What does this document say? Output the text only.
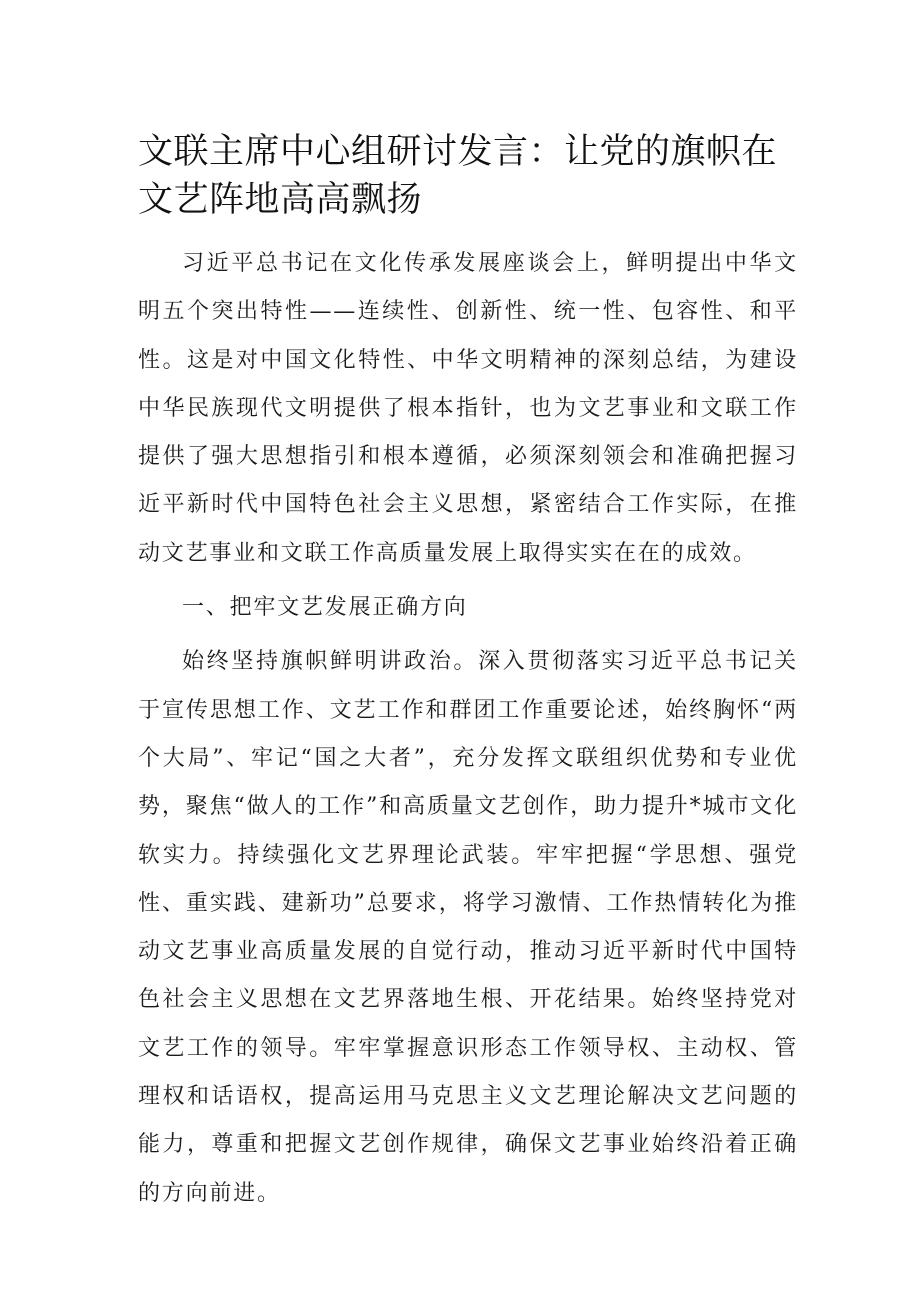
文联主席中心组研讨发言：让党的旗帜在文艺阵地高高飘扬

习近平总书记在文化传承发展座谈会上，鲜明提出中华文明五个突出特性——连续性、创新性、统一性、包容性、和平性。这是对中国文化特性、中华文明精神的深刻总结，为建设中华民族现代文明提供了根本指针，也为文艺事业和文联工作提供了强大思想指引和根本遵循，必须深刻领会和准确把握习近平新时代中国特色社会主义思想，紧密结合工作实际，在推动文艺事业和文联工作高质量发展上取得实实在在的成效。

一、把牢文艺发展正确方向

始终坚持旗帜鲜明讲政治。深入贯彻落实习近平总书记关于宣传思想工作、文艺工作和群团工作重要论述，始终胸怀“两个大局”、牢记“国之大者”，充分发挥文联组织优势和专业优势，聚焦“做人的工作”和高质量文艺创作，助力提升*城市文化软实力。持续强化文艺界理论武装。牢牢把握“学思想、强党性、重实践、建新功”总要求，将学习激情、工作热情转化为推动文艺事业高质量发展的自觉行动，推动习近平新时代中国特色社会主义思想在文艺界落地生根、开花结果。始终坚持党对文艺工作的领导。牢牢掌握意识形态工作领导权、主动权、管理权和话语权，提高运用马克思主义文艺理论解决文艺问题的能力，尊重和把握文艺创作规律，确保文艺事业始终沿着正确的方向前进。
